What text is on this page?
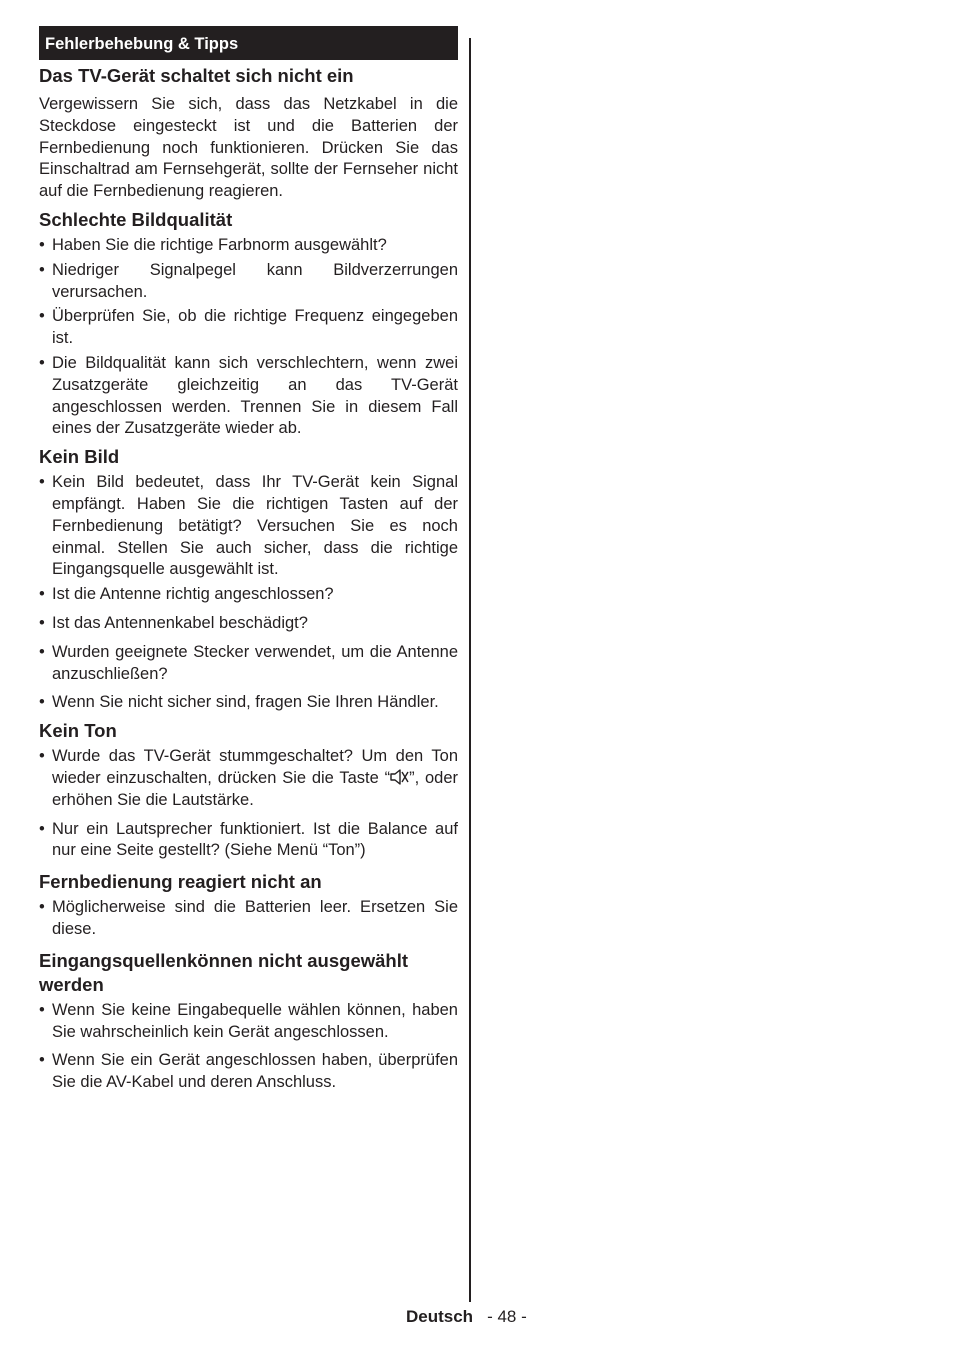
Fehlerbehebung & Tipps
Das TV-Gerät schaltet sich nicht ein

Vergewissern Sie sich, dass das Netzkabel in die Steckdose eingesteckt ist und die Batterien der Fernbedienung noch funktionieren. Drücken Sie das Einschaltrad am Fernsehgerät, sollte der Fernseher nicht auf die Fernbedienung reagieren.

Schlechte Bildqualität
• Haben Sie die richtige Farbnorm ausgewählt?
• Niedriger Signalpegel kann Bildverzerrungen verursachen.
• Überprüfen Sie, ob die richtige Frequenz eingegeben ist.
• Die Bildqualität kann sich verschlechtern, wenn zwei Zusatzgeräte gleichzeitig an das TV-Gerät angeschlossen werden. Trennen Sie in diesem Fall eines der Zusatzgeräte wieder ab.
Kein Bild
• Kein Bild bedeutet, dass Ihr TV-Gerät kein Signal empfängt. Haben Sie die richtigen Tasten auf der Fernbedienung betätigt? Versuchen Sie es noch einmal. Stellen Sie auch sicher, dass die richtige Eingangsquelle ausgewählt ist.
• Ist die Antenne richtig angeschlossen?
• Ist das Antennenkabel beschädigt?
• Wurden geeignete Stecker verwendet, um die Antenne anzuschließen?
• Wenn Sie nicht sicher sind, fragen Sie Ihren Händler.
Kein Ton
• Wurde das TV-Gerät stummgeschaltet? Um den Ton wieder einzuschalten, drücken Sie die Taste “ ”, oder erhöhen Sie die Lautstärke.
• Nur ein Lautsprecher funktioniert. Ist die Balance auf nur eine Seite gestellt? (Siehe Menü “Ton”)
Fernbedienung reagiert nicht an
• Möglicherweise sind die Batterien leer. Ersetzen Sie diese.
Eingangsquellenkönnen nicht ausgewählt werden
• Wenn Sie keine Eingabequelle wählen können, haben Sie wahrscheinlich kein Gerät angeschlossen.
• Wenn Sie ein Gerät angeschlossen haben, überprüfen Sie die AV-Kabel und deren Anschluss.
Deutsch - 48 -
